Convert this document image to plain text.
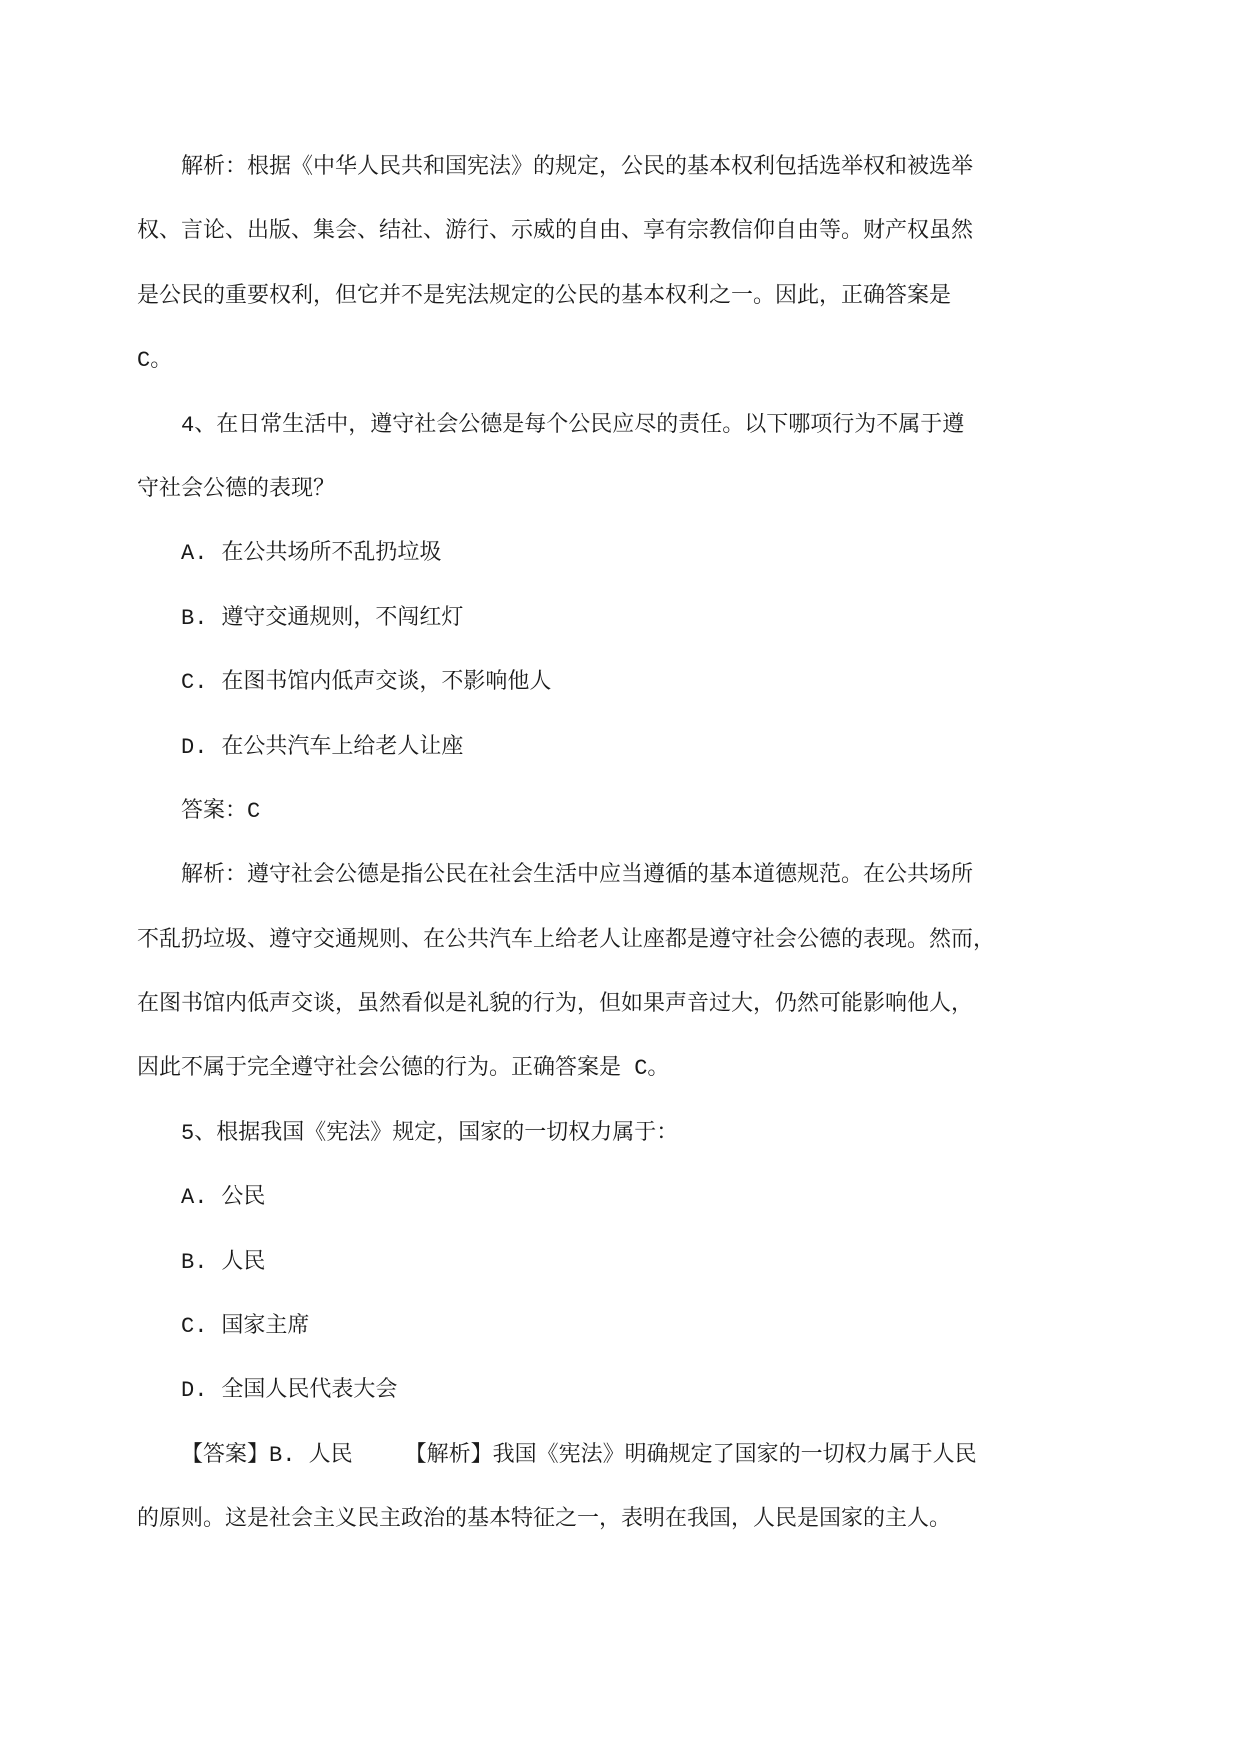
解析：根据《中华人民共和国宪法》的规定，公民的基本权利包括选举权和被选举
权、言论、出版、集会、结社、游行、示威的自由、享有宗教信仰自由等。财产权虽然
是公民的重要权利，但它并不是宪法规定的公民的基本权利之一。因此，正确答案是
C。
4、在日常生活中，遵守社会公德是每个公民应尽的责任。以下哪项行为不属于遵
守社会公德的表现？
A. 在公共场所不乱扔垃圾
B. 遵守交通规则，不闯红灯
C. 在图书馆内低声交谈，不影响他人
D. 在公共汽车上给老人让座
答案：C
解析：遵守社会公德是指公民在社会生活中应当遵循的基本道德规范。在公共场所
不乱扔垃圾、遵守交通规则、在公共汽车上给老人让座都是遵守社会公德的表现。然而，
在图书馆内低声交谈，虽然看似是礼貌的行为，但如果声音过大，仍然可能影响他人，
因此不属于完全遵守社会公德的行为。正确答案是 C。
5、根据我国《宪法》规定，国家的一切权力属于：
A. 公民
B. 人民
C. 国家主席
D. 全国人民代表大会
【答案】B. 人民 【解析】我国《宪法》明确规定了国家的一切权力属于人民
的原则。这是社会主义民主政治的基本特征之一，表明在我国，人民是国家的主人。
